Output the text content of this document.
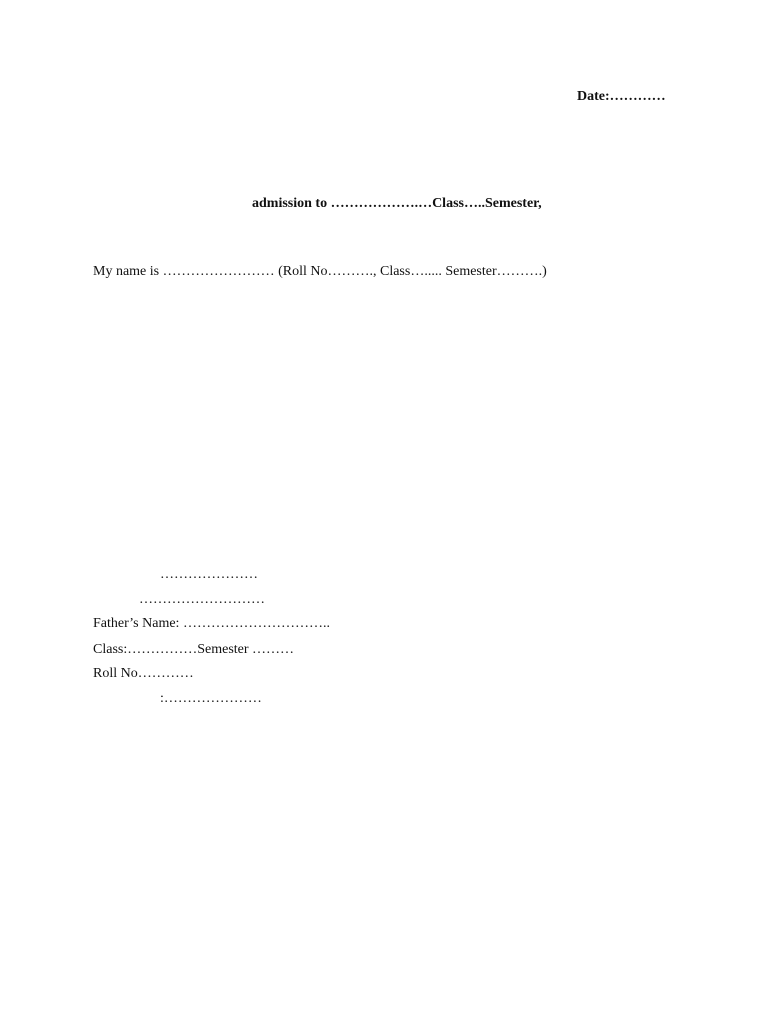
Date:…………
admission to ……………….…Class…..Semester,
My name is …………………… (Roll No………., Class…..... Semester……….)
…………………
………………………
Father’s Name: …………………………..
Class:……………Semester ………
Roll No…………
:…………………
